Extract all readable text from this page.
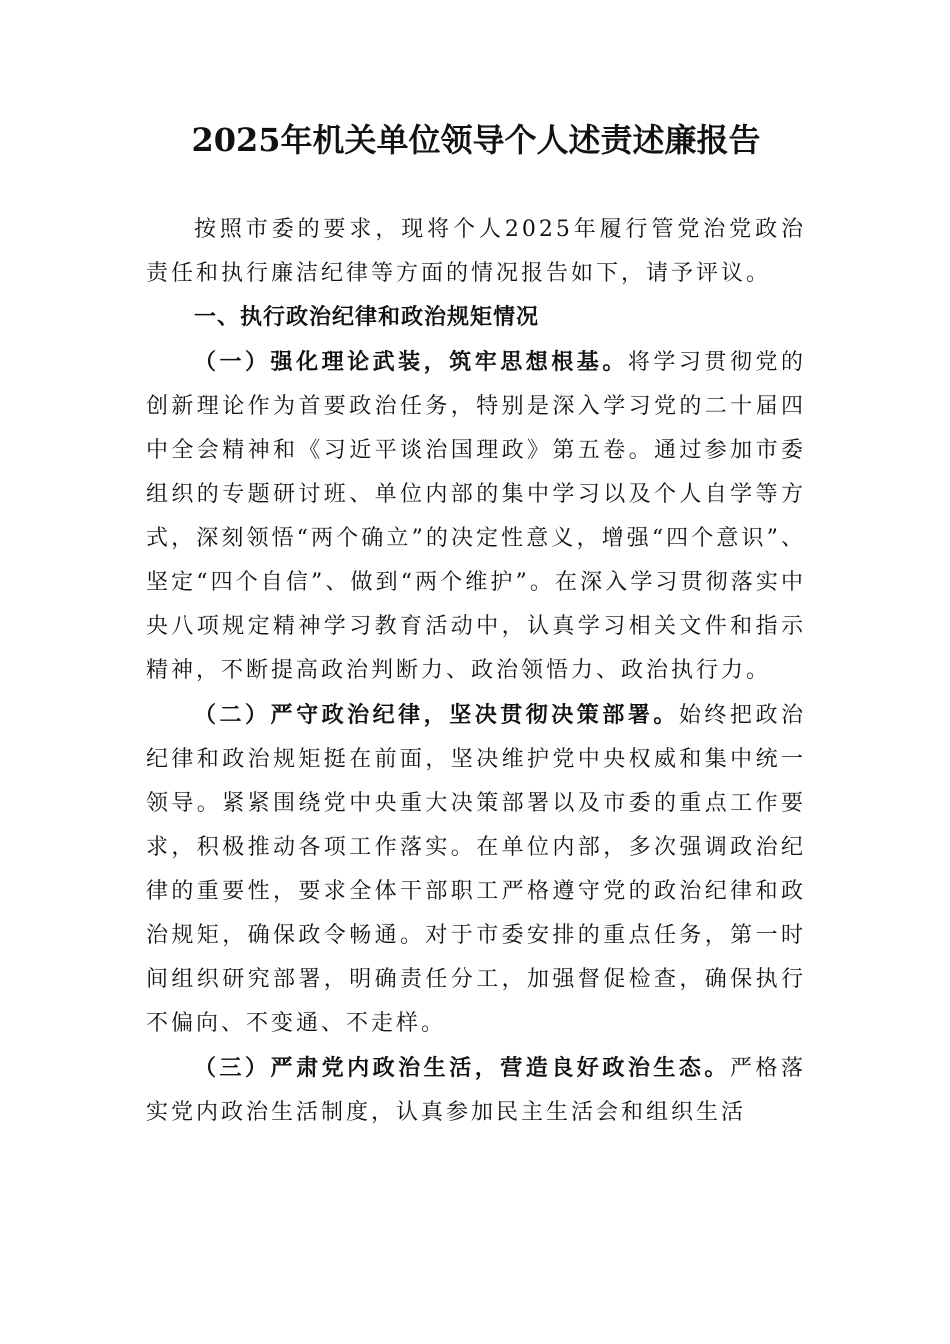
2025年机关单位领导个人述责述廉报告

按照市委的要求，现将个人2025年履行管党治党政治责任和执行廉洁纪律等方面的情况报告如下，请予评议。

一、执行政治纪律和政治规矩情况

（一）强化理论武装，筑牢思想根基。将学习贯彻党的创新理论作为首要政治任务，特别是深入学习党的二十届四中全会精神和《习近平谈治国理政》第五卷。通过参加市委组织的专题研讨班、单位内部的集中学习以及个人自学等方式，深刻领悟“两个确立”的决定性意义，增强“四个意识”、坚定“四个自信”、做到“两个维护”。在深入学习贯彻落实中央八项规定精神学习教育活动中，认真学习相关文件和指示精神，不断提高政治判断力、政治领悟力、政治执行力。

（二）严守政治纪律，坚决贯彻决策部署。始终把政治纪律和政治规矩挺在前面，坚决维护党中央权威和集中统一领导。紧紧围绕党中央重大决策部署以及市委的重点工作要求，积极推动各项工作落实。在单位内部，多次强调政治纪律的重要性，要求全体干部职工严格遵守党的政治纪律和政治规矩，确保政令畅通。对于市委安排的重点任务，第一时间组织研究部署，明确责任分工，加强督促检查，确保执行不偏向、不变通、不走样。

（三）严肃党内政治生活，营造良好政治生态。严格落实党内政治生活制度，认真参加民主生活会和组织生活
